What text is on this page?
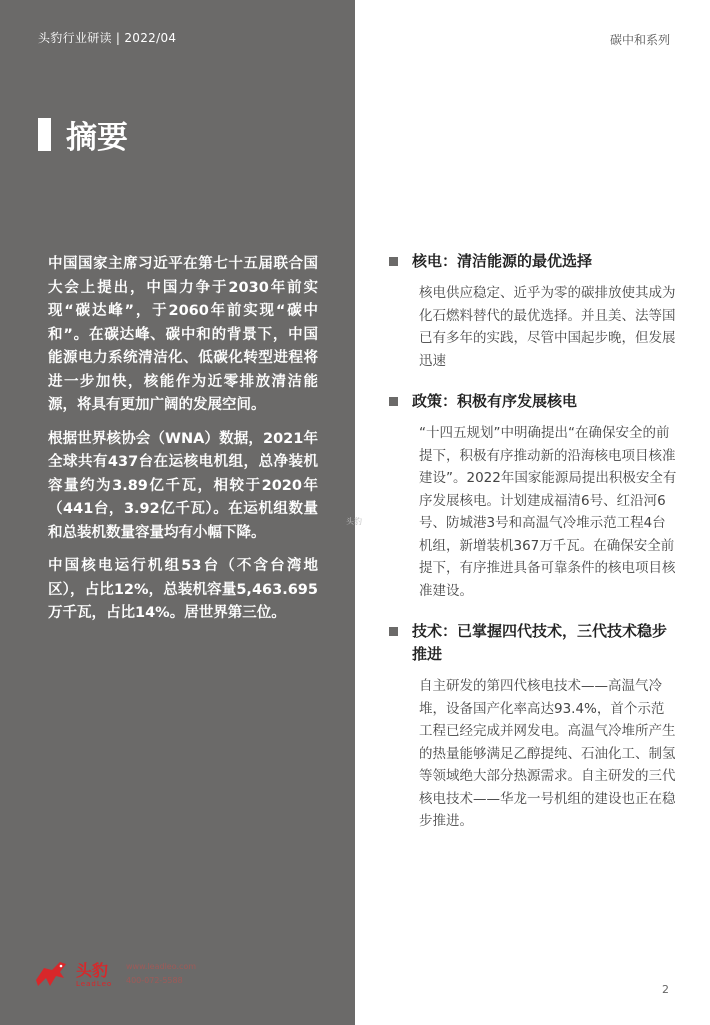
头豹行业研读 | 2022/04	碳中和系列
摘要

中国国家主席习近平在第七十五届联合国大会上提出，中国力争于2030年前实现“碳达峰”，于2060年前实现“碳中和”。在碳达峰、碳中和的背景下，中国能源电力系统清洁化、低碳化转型进程将进一步加快，核能作为近零排放清洁能源，将具有更加广阔的发展空间。

根据世界核协会（WNA）数据，2021年全球共有437台在运核电机组，总净装机容量约为3.89亿千瓦，相较于2020年（441台，3.92亿千瓦）。在运机组数量和总装机数量容量均有小幅下降。

中国核电运行机组53台（不含台湾地区），占比12%，总装机容量5,463.695万千瓦，占比14%。居世界第三位。

头豹
核电：清洁能源的最优选择

核电供应稳定、近乎为零的碳排放使其成为化石燃料替代的最优选择。并且美、法等国已有多年的实践，尽管中国起步晚，但发展迅速

政策：积极有序发展核电

“十四五规划”中明确提出“在确保安全的前提下，积极有序推动新的沿海核电项目核准建设”。2022年国家能源局提出积极安全有序发展核电。计划建成福清6号、红沿河6号、防城港3号和高温气冷堆示范工程4台机组，新增装机367万千瓦。在确保安全前提下，有序推进具备可靠条件的核电项目核准建设。

技术：已掌握四代技术，三代技术稳步推进

自主研发的第四代核电技术——高温气冷堆，设备国产化率高达93.4%，首个示范工程已经完成并网发电。高温气冷堆所产生的热量能够满足乙醇提纯、石油化工、制氢等领域绝大部分热源需求。自主研发的三代核电技术——华龙一号机组的建设也正在稳步推进。

头豹
LeadLeo
www.leadleo.com
400-072-5588
2
